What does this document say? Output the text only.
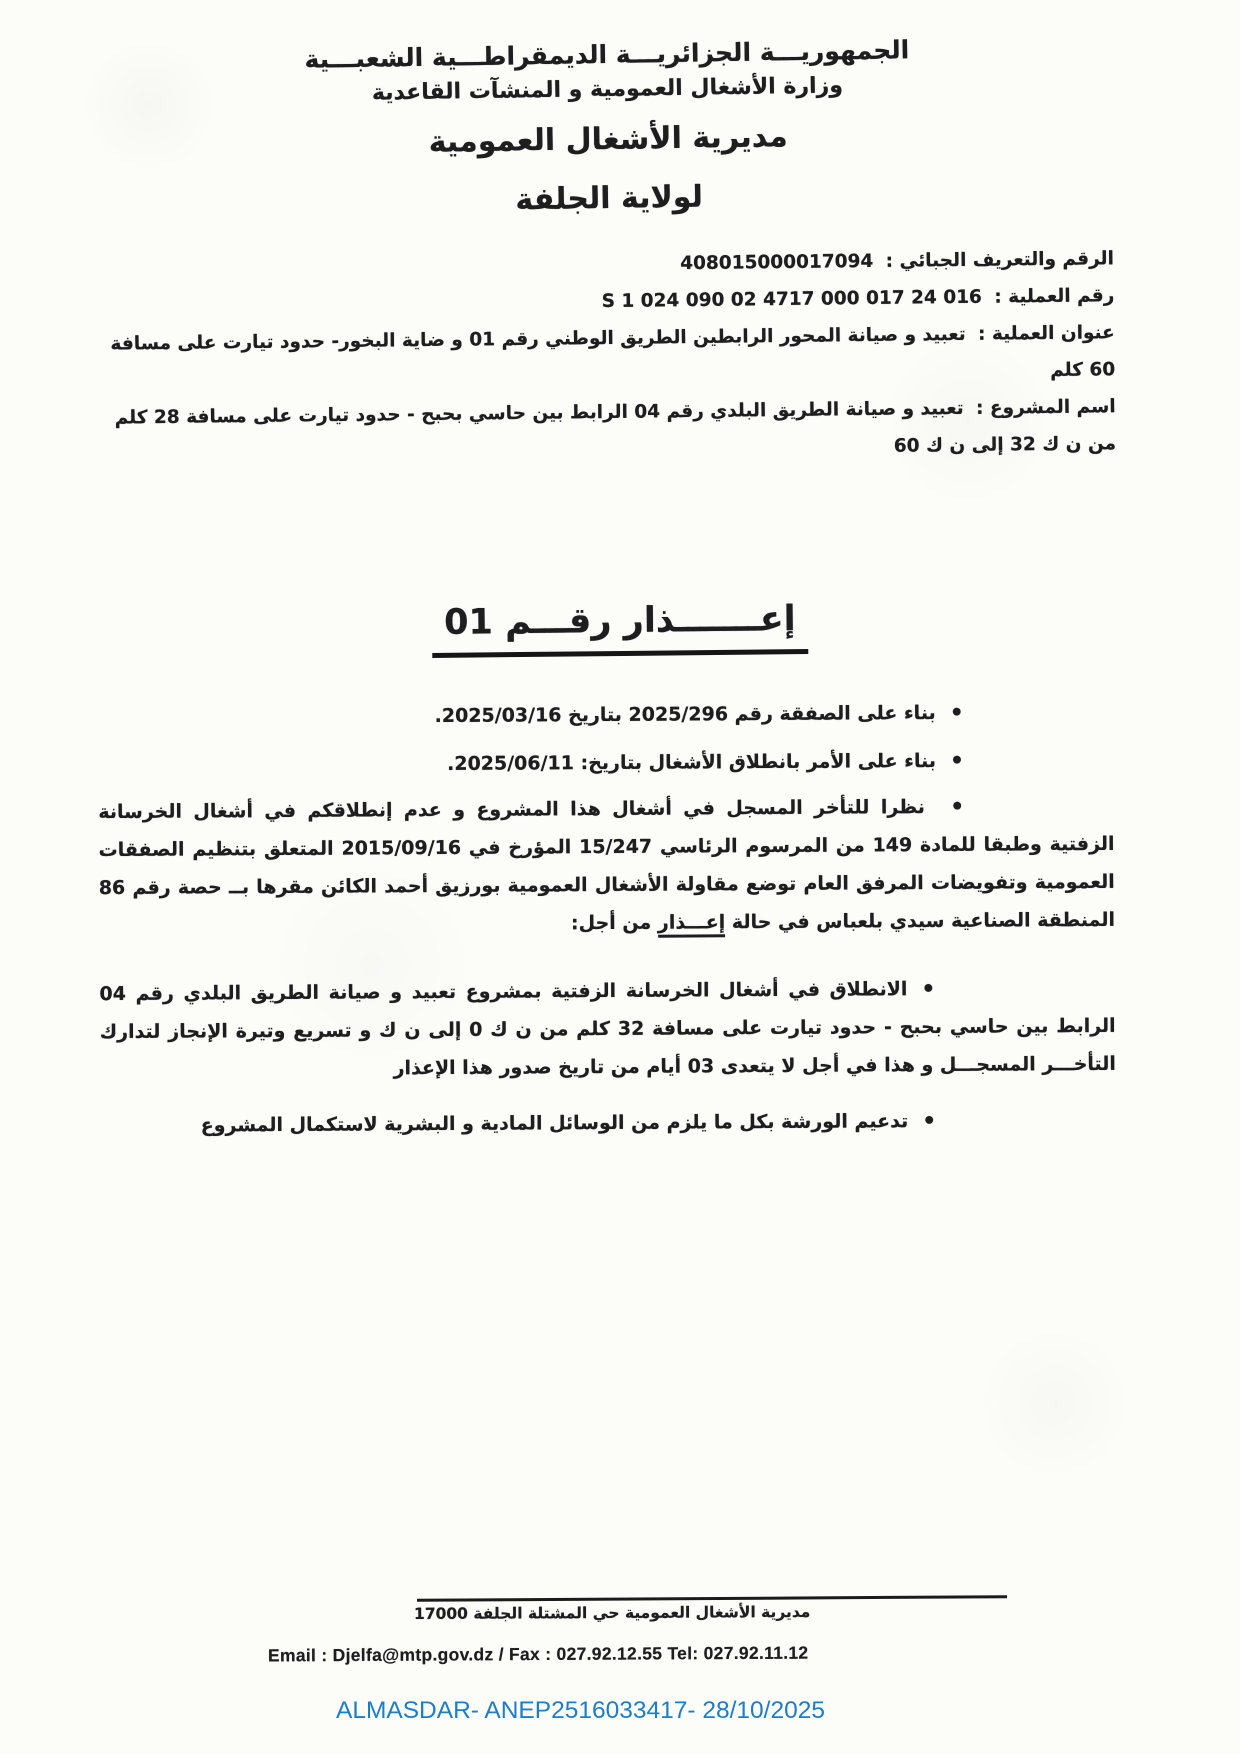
الجمهوريـــة الجزائريـــة الديمقراطـــية الشعبـــية
وزارة الأشغال العمومية و المنشآت القاعدية
مديرية الأشغال العمومية
لولاية الجلفة
الرقم والتعريف الجبائي : 408015000017094
رقم العملية : S 1 024 090 02 4717 000 017 24 016
عنوان العملية : تعبيد و صيانة المحور الرابطين الطريق الوطني رقم 01 و ضاية البخور- حدود تيارت على مسافة 60 كلم
اسم المشروع : تعبيد و صيانة الطريق البلدي رقم 04 الرابط بين حاسي بحبح - حدود تيارت على مسافة 28 كلم من ن ك 32 إلى ن ك 60
إعـــــــذار رقـــم 01
• بناء على الصفقة رقم 2025/296 بتاريخ 2025/03/16.
• بناء على الأمر بانطلاق الأشغال بتاريخ: 2025/06/11.
• نظرا للتأخر المسجل في أشغال هذا المشروع و عدم إنطلاقكم في أشغال الخرسانة الزفتية وطبقا للمادة 149 من المرسوم الرئاسي 15/247 المؤرخ في 2015/09/16 المتعلق بتنظيم الصفقات العمومية وتفويضات المرفق العام توضع مقاولة الأشغال العمومية بورزيق أحمد الكائن مقرها بــ حصة رقم 86 المنطقة الصناعية سيدي بلعباس في حالة إعـــذار من أجل:
• الانطلاق في أشغال الخرسانة الزفتية بمشروع تعبيد و صيانة الطريق البلدي رقم 04 الرابط بين حاسي بحبح - حدود تيارت على مسافة 32 كلم من ن ك 0 إلى ن ك و تسريع وتيرة الإنجاز لتدارك التأخـــر المسجـــل و هذا في أجل لا يتعدى 03 أيام من تاريخ صدور هذا الإعذار
• تدعيم الورشة بكل ما يلزم من الوسائل المادية و البشرية لاستكمال المشروع
مديرية الأشغال العمومية حي المشتلة الجلفة 17000
Email : Djelfa@mtp.gov.dz / Fax : 027.92.12.55 Tel: 027.92.11.12
ALMASDAR- ANEP2516033417- 28/10/2025
